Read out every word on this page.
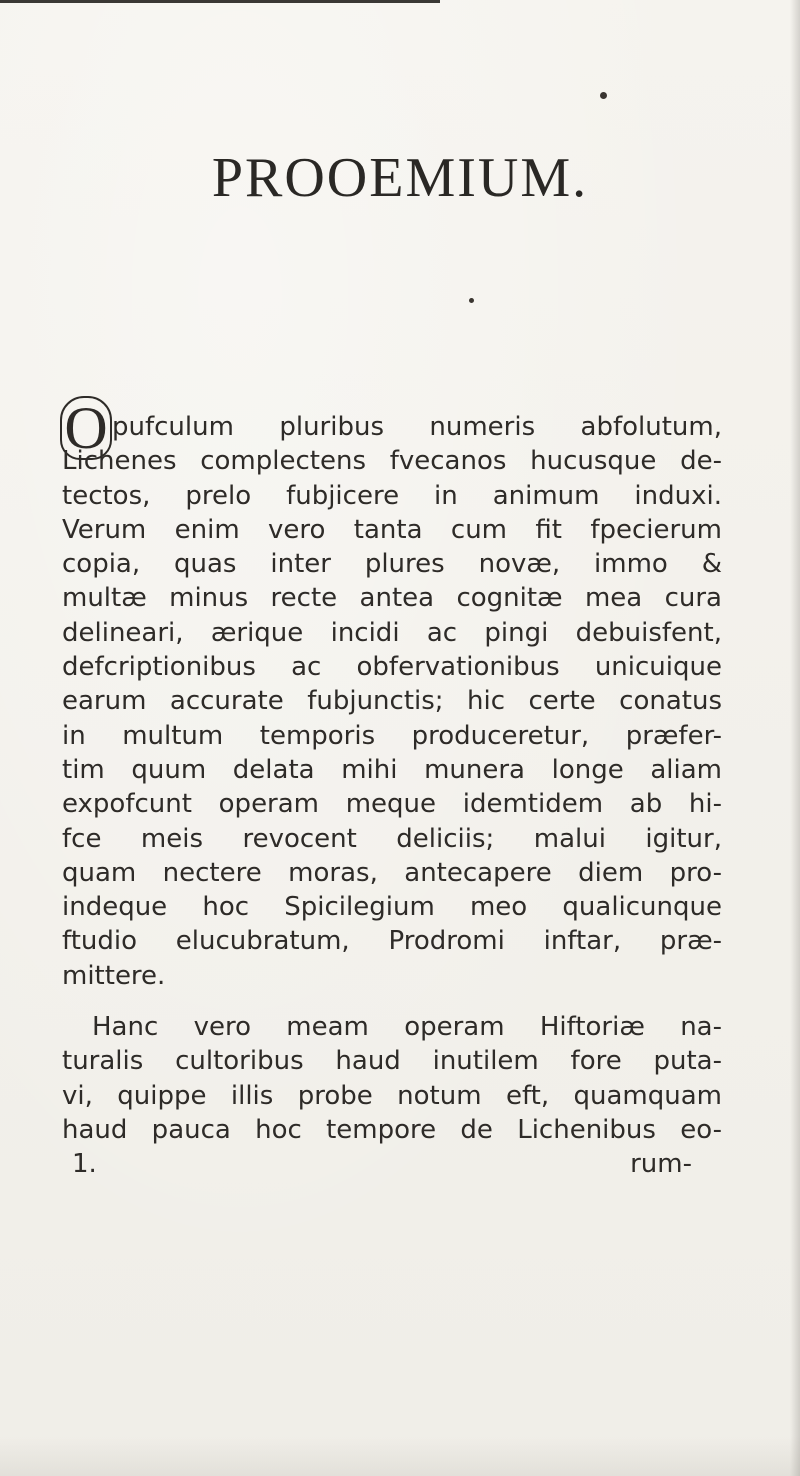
PROOEMIUM.
O pufculum pluribus numeris abfolutum,
Lichenes complectens fvecanos hucusque de-
tectos, prelo fubjicere in animum induxi.
Verum enim vero tanta cum fit fpecierum
copia, quas inter plures novæ, immo &
multæ minus recte antea cognitæ mea cura
delineari, ærique incidi ac pingi debuisfent,
defcriptionibus ac obfervationibus unicuique
earum accurate fubjunctis; hic certe conatus
in multum temporis produceretur, præfer-
tim quum delata mihi munera longe aliam
expofcunt operam meque idemtidem ab hi-
fce meis revocent deliciis; malui igitur,
quam nectere moras, antecapere diem pro-
indeque hoc Spicilegium meo qualicunque
ftudio elucubratum, Prodromi inftar, præ-
mittere.
Hanc vero meam operam Hiftoriæ na-
turalis cultoribus haud inutilem fore puta-
vi, quippe illis probe notum eft, quamquam
haud pauca hoc tempore de Lichenibus eo-
1.	rum-
